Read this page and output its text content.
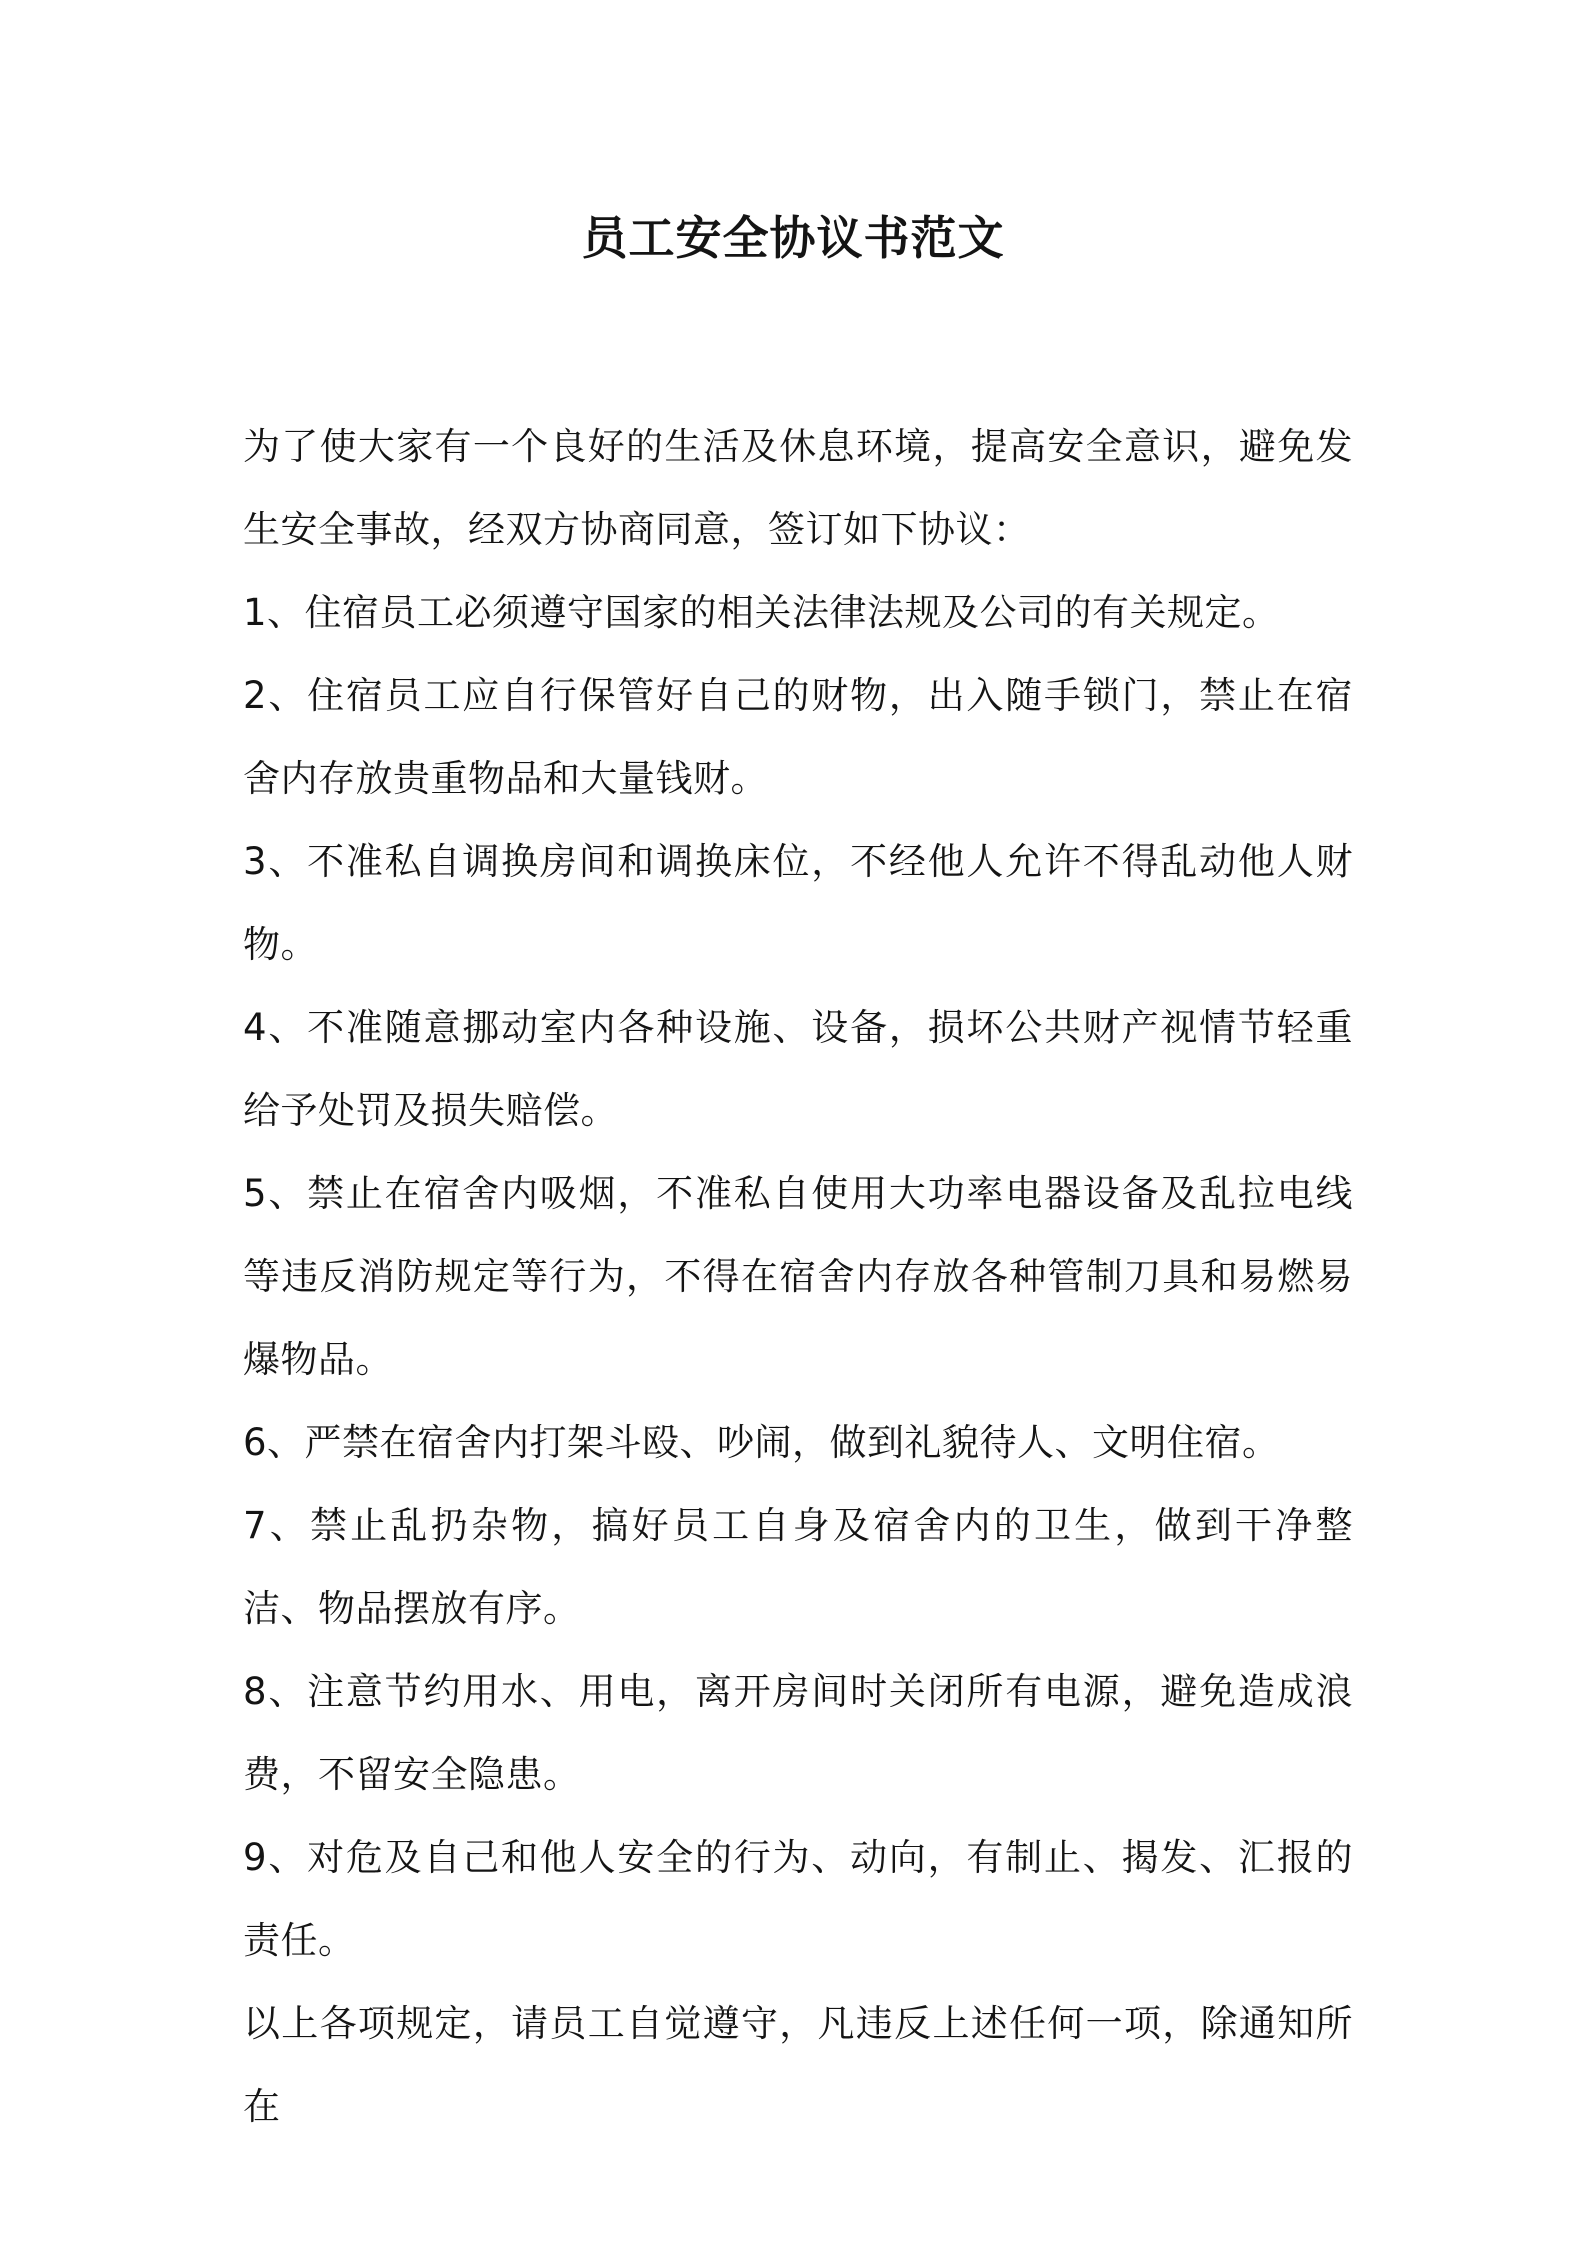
员工安全协议书范文

为了使大家有一个良好的生活及休息环境，提高安全意识，避免发生安全事故，经双方协商同意，签订如下协议：

1、住宿员工必须遵守国家的相关法律法规及公司的有关规定。

2、住宿员工应自行保管好自己的财物，出入随手锁门，禁止在宿舍内存放贵重物品和大量钱财。

3、不准私自调换房间和调换床位，不经他人允许不得乱动他人财物。

4、不准随意挪动室内各种设施、设备，损坏公共财产视情节轻重给予处罚及损失赔偿。

5、禁止在宿舍内吸烟，不准私自使用大功率电器设备及乱拉电线等违反消防规定等行为，不得在宿舍内存放各种管制刀具和易燃易爆物品。

6、严禁在宿舍内打架斗殴、吵闹，做到礼貌待人、文明住宿。

7、禁止乱扔杂物，搞好员工自身及宿舍内的卫生，做到干净整洁、物品摆放有序。

8、注意节约用水、用电，离开房间时关闭所有电源，避免造成浪费，不留安全隐患。

9、对危及自己和他人安全的行为、动向，有制止、揭发、汇报的责任。

以上各项规定，请员工自觉遵守，凡违反上述任何一项，除通知所在
